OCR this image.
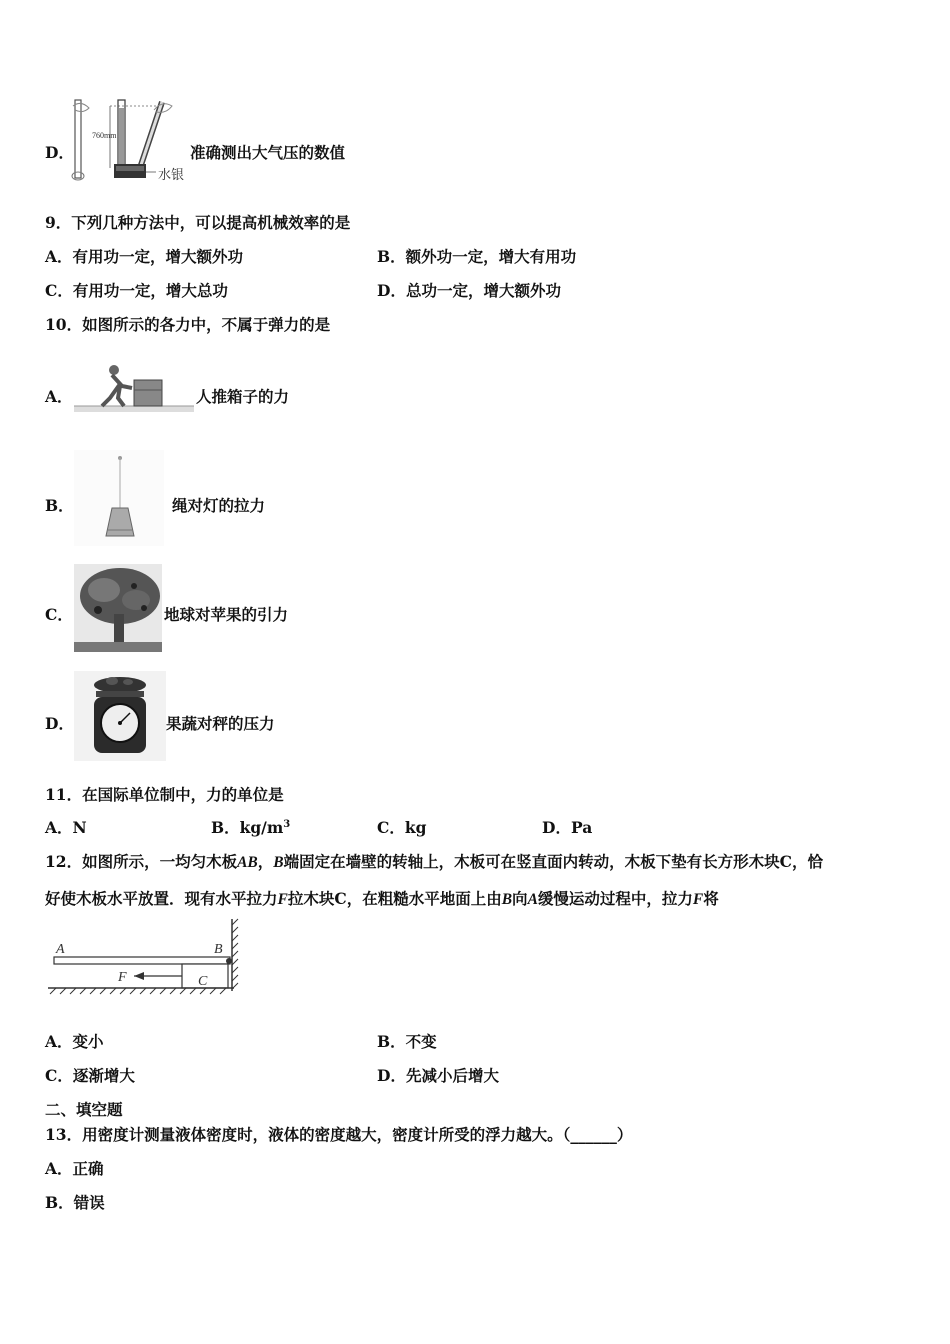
D．
760mm
水银
准确测出大气压的数值
9．下列几种方法中，可以提高机械效率的是
A．有用功一定，增大额外功	B．额外功一定，增大有用功
C．有用功一定，增大总功	D．总功一定，增大额外功
10．如图所示的各力中，不属于弹力的是
A．	人推箱子的力
B．	绳对灯的拉力
C．	地球对苹果的引力
D．	果蔬对秤的压力
11．在国际单位制中，力的单位是
A．N	B．$kg/m^3$	C．kg	D．Pa
12．如图所示，一均匀木板AB，B端固定在墙壁的转轴上，木板可在竖直面内转动，木板下垫有长方形木块C，恰
好使木板水平放置．现有水平拉力F拉木块C，在粗糙水平地面上由B向A缓慢运动过程中，拉力F将
A	B
F	C
A．变小	B．不变
C．逐渐增大	D．先减小后增大
二、填空题
13．用密度计测量液体密度时，液体的密度越大，密度计所受的浮力越大。（______）
A．正确
B．错误
